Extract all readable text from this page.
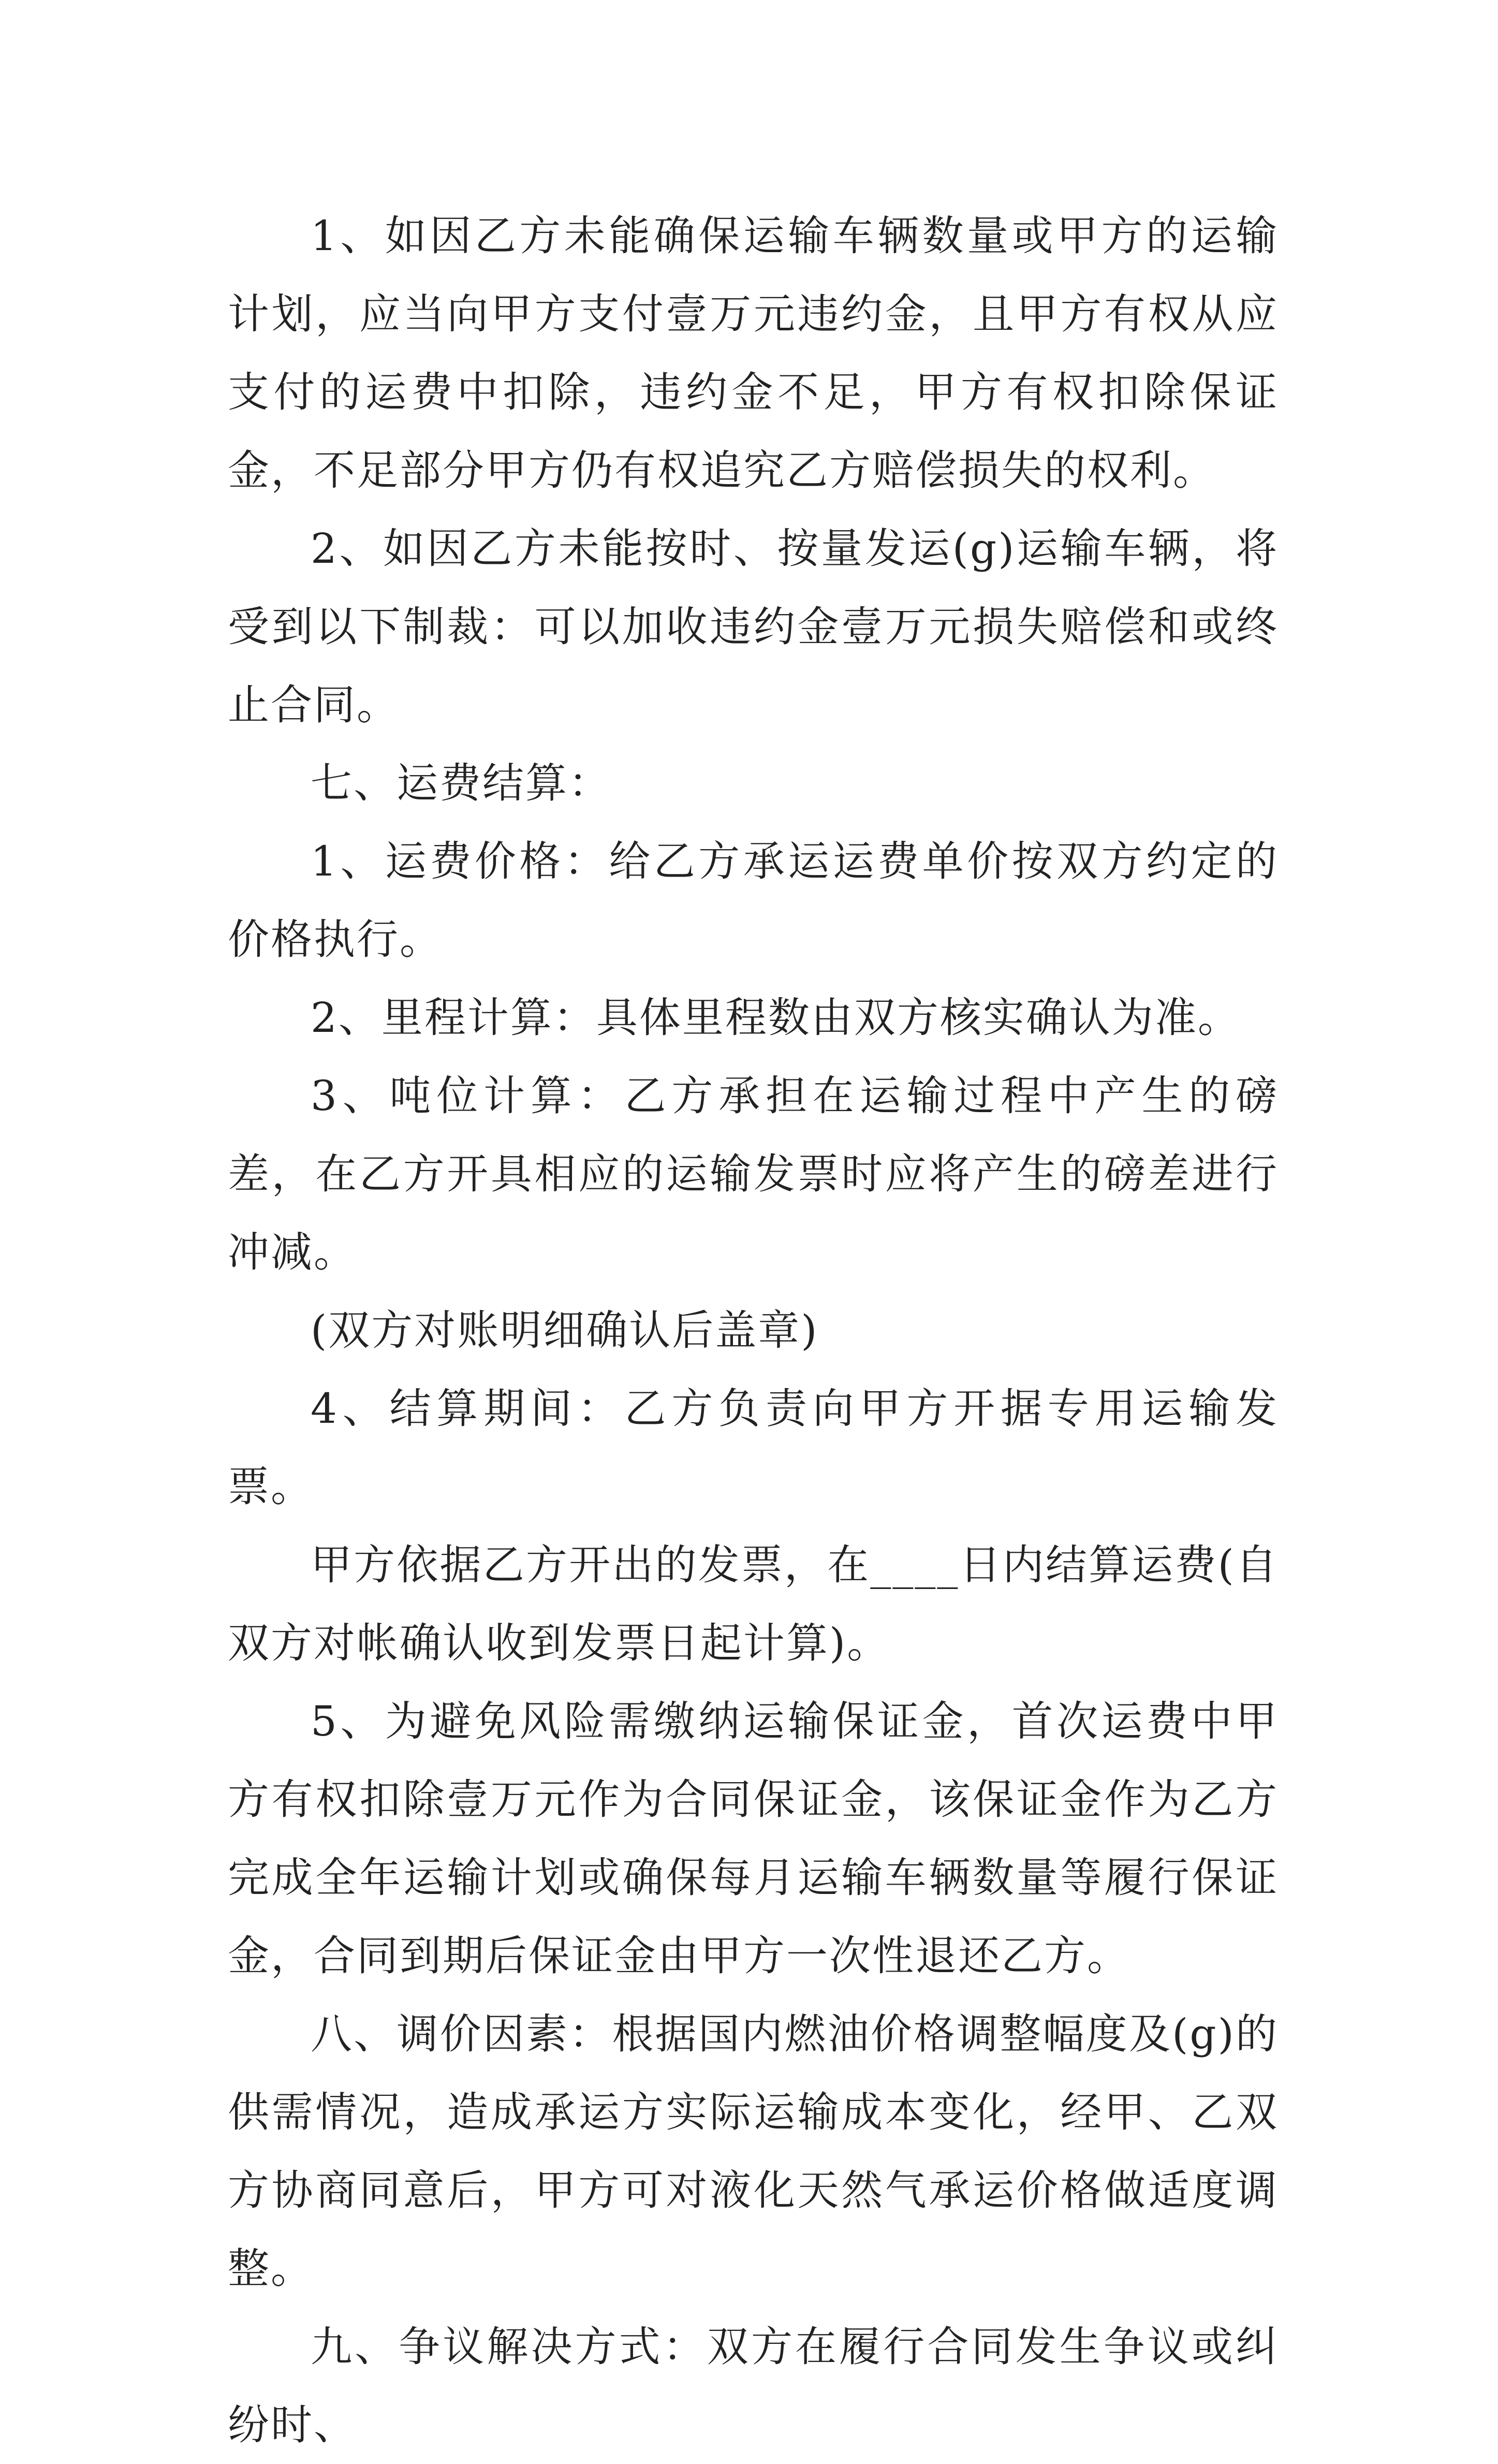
1、如因乙方未能确保运输车辆数量或甲方的运输计划，应当向甲方支付壹万元违约金，且甲方有权从应支付的运费中扣除，违约金不足，甲方有权扣除保证金，不足部分甲方仍有权追究乙方赔偿损失的权利。

2、如因乙方未能按时、按量发运(g)运输车辆，将受到以下制裁：可以加收违约金壹万元损失赔偿和或终止合同。

七、运费结算：

1、运费价格：给乙方承运运费单价按双方约定的价格执行。

2、里程计算：具体里程数由双方核实确认为准。

3、吨位计算：乙方承担在运输过程中产生的磅差，在乙方开具相应的运输发票时应将产生的磅差进行冲减。

(双方对账明细确认后盖章)

4、结算期间：乙方负责向甲方开据专用运输发票。

甲方依据乙方开出的发票，在____日内结算运费(自双方对帐确认收到发票日起计算)。

5、为避免风险需缴纳运输保证金，首次运费中甲方有权扣除壹万元作为合同保证金，该保证金作为乙方完成全年运输计划或确保每月运输车辆数量等履行保证金，合同到期后保证金由甲方一次性退还乙方。

八、调价因素：根据国内燃油价格调整幅度及(g)的供需情况，造成承运方实际运输成本变化，经甲、乙双方协商同意后，甲方可对液化天然气承运价格做适度调整。

九、争议解决方式：双方在履行合同发生争议或纠纷时、
